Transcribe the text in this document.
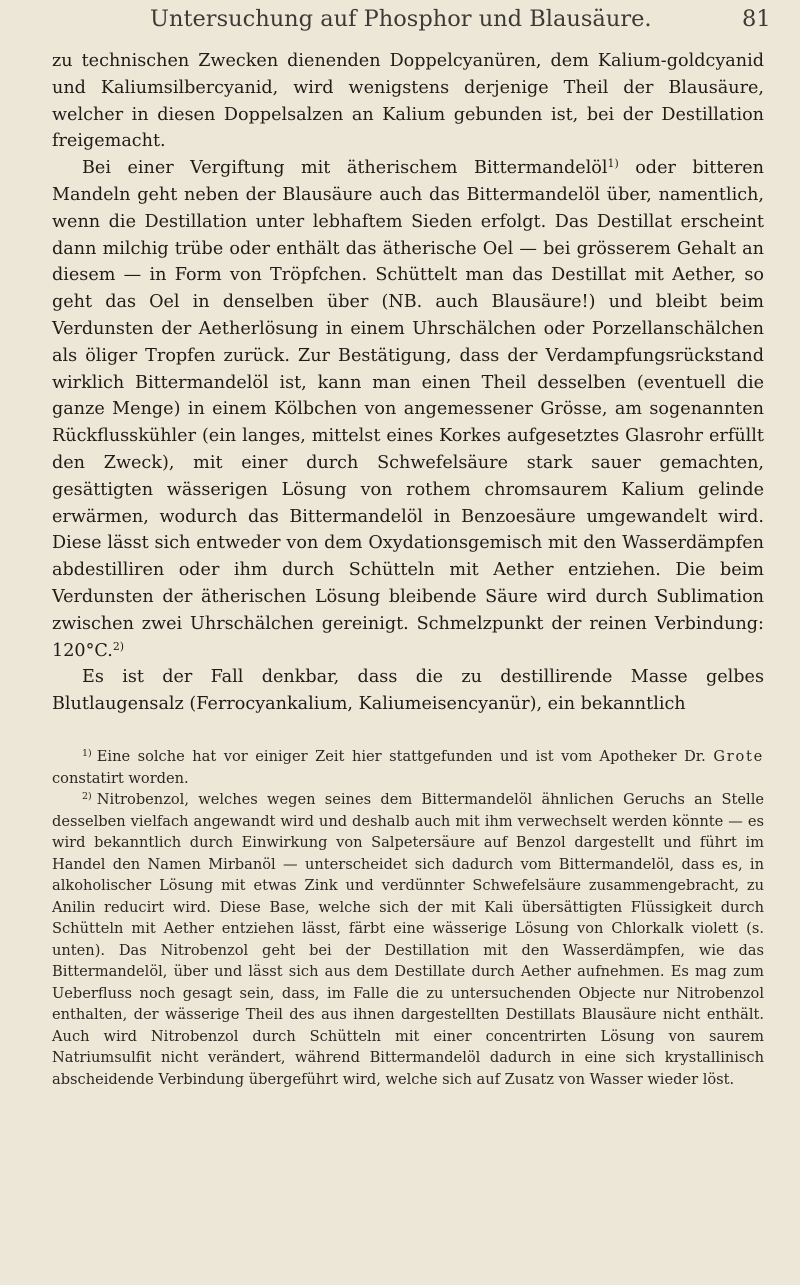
Untersuchung auf Phosphor und Blausäure.	81

zu technischen Zwecken dienenden Doppelcyanüren, dem Kalium-goldcyanid und Kaliumsilbercyanid, wird wenigstens derjenige Theil der Blausäure, welcher in diesen Doppelsalzen an Kalium gebunden ist, bei der Destillation freigemacht.

Bei einer Vergiftung mit ätherischem Bittermandelöl$^{1)}$ oder bitteren Mandeln geht neben der Blausäure auch das Bittermandelöl über, namentlich, wenn die Destillation unter lebhaftem Sieden erfolgt. Das Destillat erscheint dann milchig trübe oder enthält das ätherische Oel — bei grösserem Gehalt an diesem — in Form von Tröpfchen. Schüttelt man das Destillat mit Aether, so geht das Oel in denselben über (NB. auch Blausäure!) und bleibt beim Verdunsten der Aetherlösung in einem Uhrschälchen oder Porzellanschälchen als öliger Tropfen zurück. Zur Bestätigung, dass der Verdampfungsrückstand wirklich Bittermandelöl ist, kann man einen Theil desselben (eventuell die ganze Menge) in einem Kölbchen von angemessener Grösse, am sogenannten Rückflusskühler (ein langes, mittelst eines Korkes aufgesetztes Glasrohr erfüllt den Zweck), mit einer durch Schwefelsäure stark sauer gemachten, gesättigten wässerigen Lösung von rothem chromsaurem Kalium gelinde erwärmen, wodurch das Bittermandelöl in Benzoesäure umgewandelt wird. Diese lässt sich entweder von dem Oxydationsgemisch mit den Wasserdämpfen abdestilliren oder ihm durch Schütteln mit Aether entziehen. Die beim Verdunsten der ätherischen Lösung bleibende Säure wird durch Sublimation zwischen zwei Uhrschälchen gereinigt. Schmelzpunkt der reinen Verbindung: 120°C.$^{2)}$

Es ist der Fall denkbar, dass die zu destillirende Masse gelbes Blutlaugensalz (Ferrocyankalium, Kaliumeisencyanür), ein bekanntlich

$^{1)}$ Eine solche hat vor einiger Zeit hier stattgefunden und ist vom Apotheker Dr. Grote constatirt worden.

$^{2)}$ Nitrobenzol, welches wegen seines dem Bittermandelöl ähnlichen Geruchs an Stelle desselben vielfach angewandt wird und deshalb auch mit ihm verwechselt werden könnte — es wird bekanntlich durch Einwirkung von Salpetersäure auf Benzol dargestellt und führt im Handel den Namen Mirbanöl — unterscheidet sich dadurch vom Bittermandelöl, dass es, in alkoholischer Lösung mit etwas Zink und verdünnter Schwefelsäure zusammengebracht, zu Anilin reducirt wird. Diese Base, welche sich der mit Kali übersättigten Flüssigkeit durch Schütteln mit Aether entziehen lässt, färbt eine wässerige Lösung von Chlorkalk violett (s. unten). Das Nitrobenzol geht bei der Destillation mit den Wasserdämpfen, wie das Bittermandelöl, über und lässt sich aus dem Destillate durch Aether aufnehmen. Es mag zum Ueberfluss noch gesagt sein, dass, im Falle die zu untersuchenden Objecte nur Nitrobenzol enthalten, der wässerige Theil des aus ihnen dargestellten Destillats Blausäure nicht enthält. Auch wird Nitrobenzol durch Schütteln mit einer concentrirten Lösung von saurem Natriumsulfit nicht verändert, während Bittermandelöl dadurch in eine sich krystallinisch abscheidende Verbindung übergeführt wird, welche sich auf Zusatz von Wasser wieder löst.
